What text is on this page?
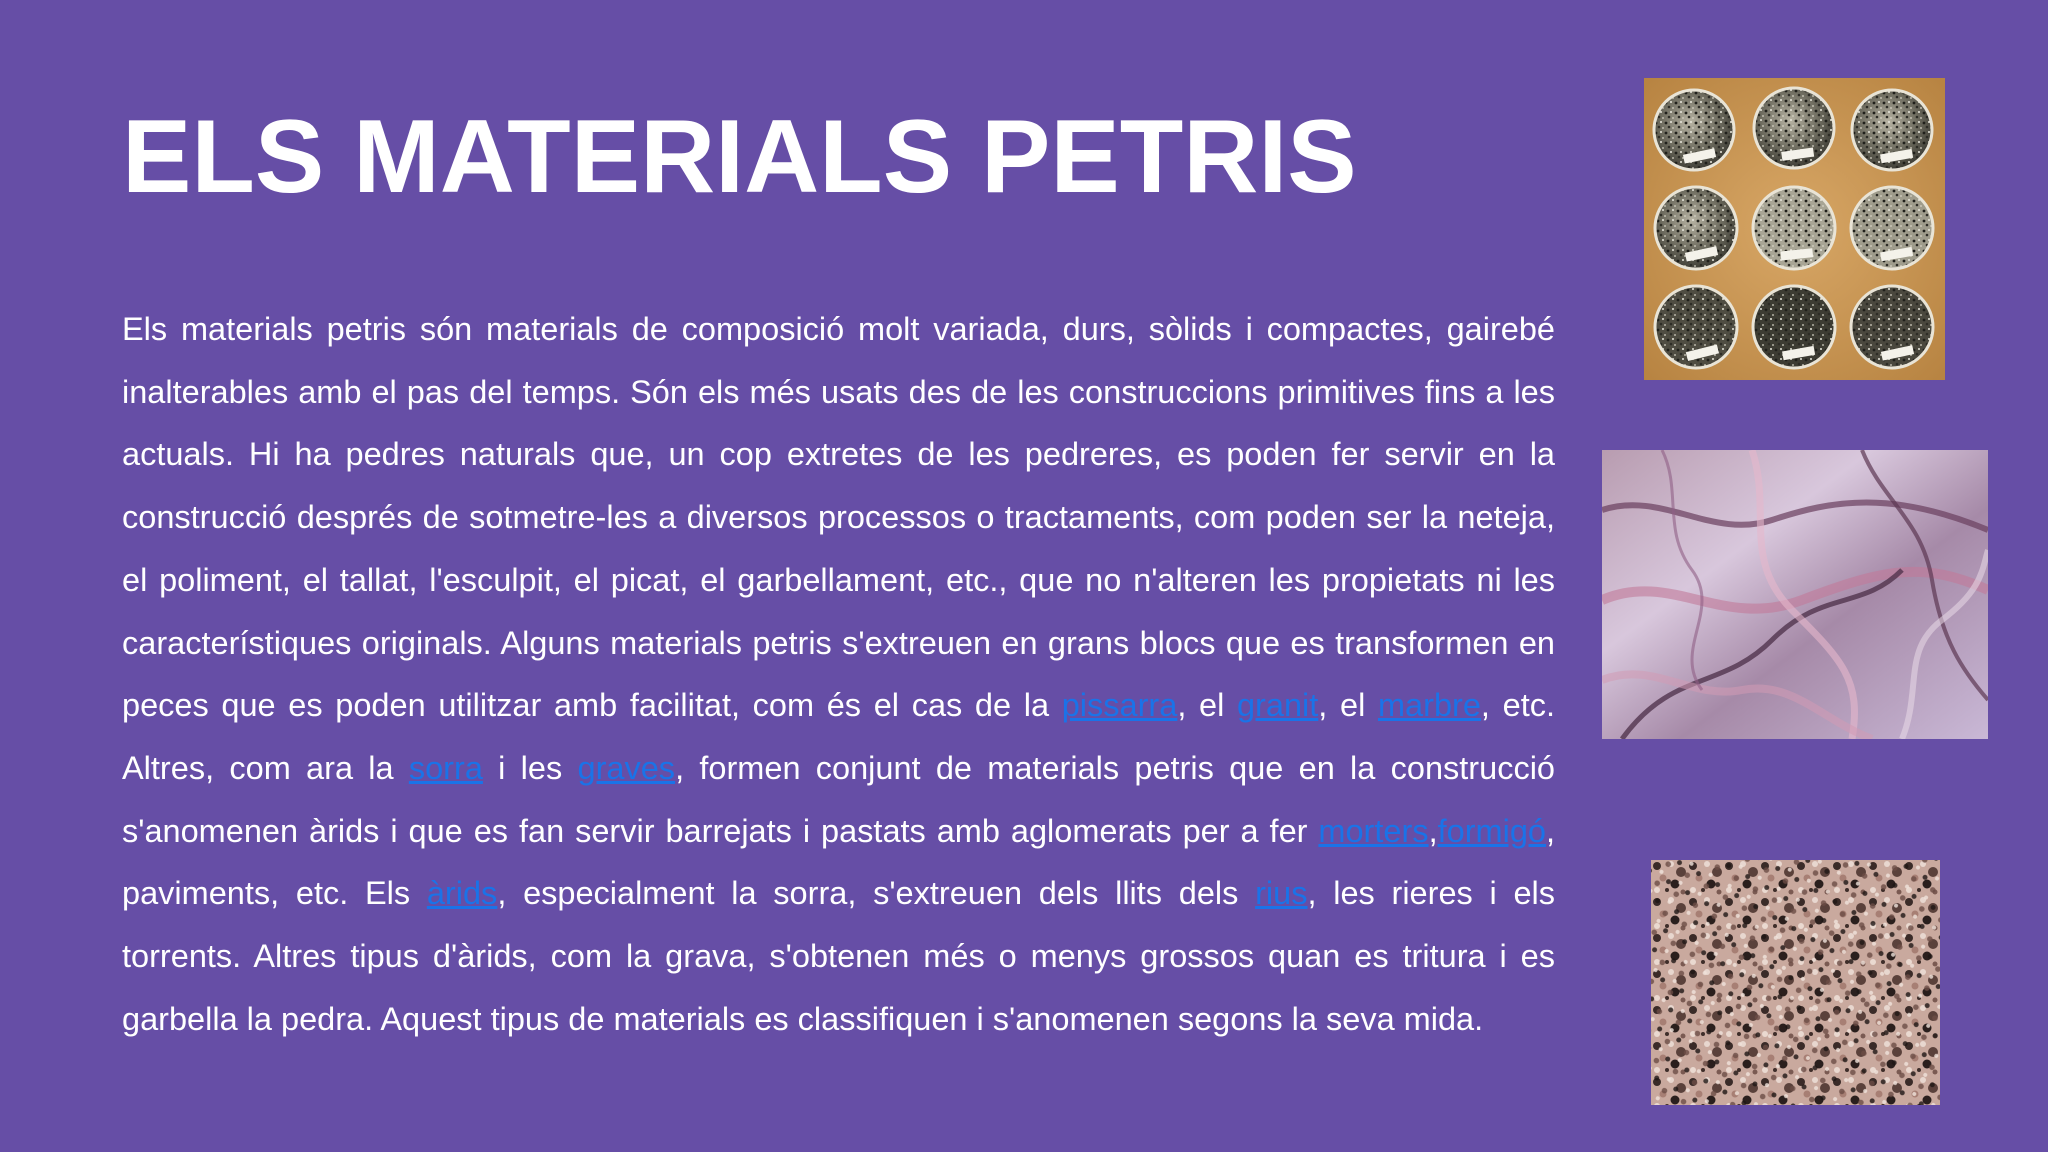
ELS MATERIALS PETRIS

Els materials petris són materials de composició molt variada, durs, sòlids i compactes, gairebé inalterables amb el pas del temps. Són els més usats des de les construccions primitives fins a les actuals. Hi ha pedres naturals que, un cop extretes de les pedreres, es poden fer servir en la construcció després de sotmetre-les a diversos processos o tractaments, com poden ser la neteja, el poliment, el tallat, l'esculpit, el picat, el garbellament, etc., que no n'alteren les propietats ni les característiques originals. Alguns materials petris s'extreuen en grans blocs que es transformen en peces que es poden utilitzar amb facilitat, com és el cas de la pissarra, el granit, el marbre, etc. Altres, com ara la sorra i les graves, formen conjunt de materials petris que en la construcció s'anomenen àrids i que es fan servir barrejats i pastats amb aglomerats per a fer morters,formigó, paviments, etc. Els àrids, especialment la sorra, s'extreuen dels llits dels rius, les rieres i els torrents. Altres tipus d'àrids, com la grava, s'obtenen més o menys grossos quan es tritura i es garbella la pedra. Aquest tipus de materials es classifiquen i s'anomenen segons la seva mida.
